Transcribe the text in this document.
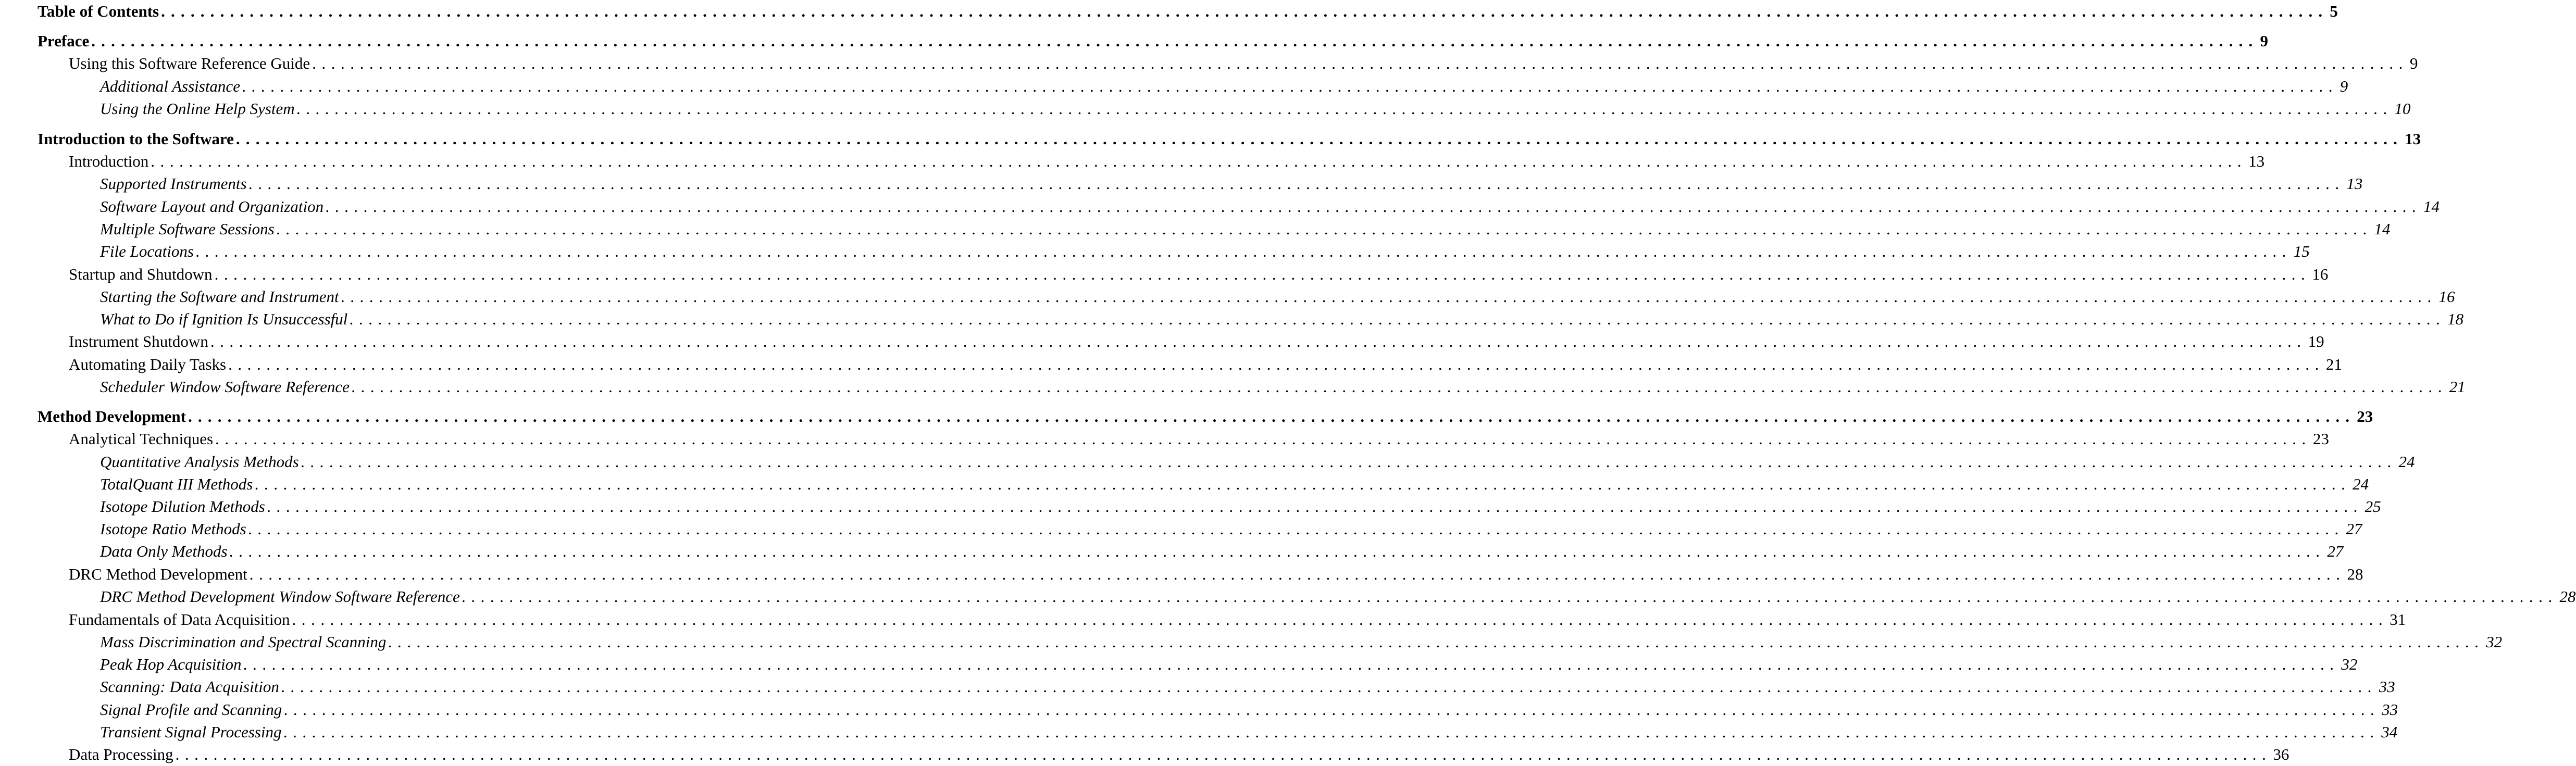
Table of Contents ............................................................................................................................................................................................................................ 5
Preface ............................................................................................................................................................................................................................ 9
Using this Software Reference Guide ............................................................................................................................................................................................................................ 9
Additional Assistance ............................................................................................................................................................................................................................ 9
Using the Online Help System ............................................................................................................................................................................................................................ 10
Introduction to the Software ............................................................................................................................................................................................................................ 13
Introduction ............................................................................................................................................................................................................................ 13
Supported Instruments ............................................................................................................................................................................................................................ 13
Software Layout and Organization ............................................................................................................................................................................................................................ 14
Multiple Software Sessions ............................................................................................................................................................................................................................ 14
File Locations ............................................................................................................................................................................................................................ 15
Startup and Shutdown ............................................................................................................................................................................................................................ 16
Starting the Software and Instrument ............................................................................................................................................................................................................................ 16
What to Do if Ignition Is Unsuccessful ............................................................................................................................................................................................................................ 18
Instrument Shutdown ............................................................................................................................................................................................................................ 19
Automating Daily Tasks ............................................................................................................................................................................................................................ 21
Scheduler Window Software Reference ............................................................................................................................................................................................................................ 21
Method Development ............................................................................................................................................................................................................................ 23
Analytical Techniques ............................................................................................................................................................................................................................ 23
Quantitative Analysis Methods ............................................................................................................................................................................................................................ 24
TotalQuant III Methods ............................................................................................................................................................................................................................ 24
Isotope Dilution Methods ............................................................................................................................................................................................................................ 25
Isotope Ratio Methods ............................................................................................................................................................................................................................ 27
Data Only Methods ............................................................................................................................................................................................................................ 27
DRC Method Development ............................................................................................................................................................................................................................ 28
DRC Method Development Window Software Reference ............................................................................................................................................................................................................................ 28
Fundamentals of Data Acquisition ............................................................................................................................................................................................................................ 31
Mass Discrimination and Spectral Scanning ............................................................................................................................................................................................................................ 32
Peak Hop Acquisition ............................................................................................................................................................................................................................ 32
Scanning: Data Acquisition ............................................................................................................................................................................................................................ 33
Signal Profile and Scanning ............................................................................................................................................................................................................................ 33
Transient Signal Processing ............................................................................................................................................................................................................................ 34
Data Processing ............................................................................................................................................................................................................................ 36
